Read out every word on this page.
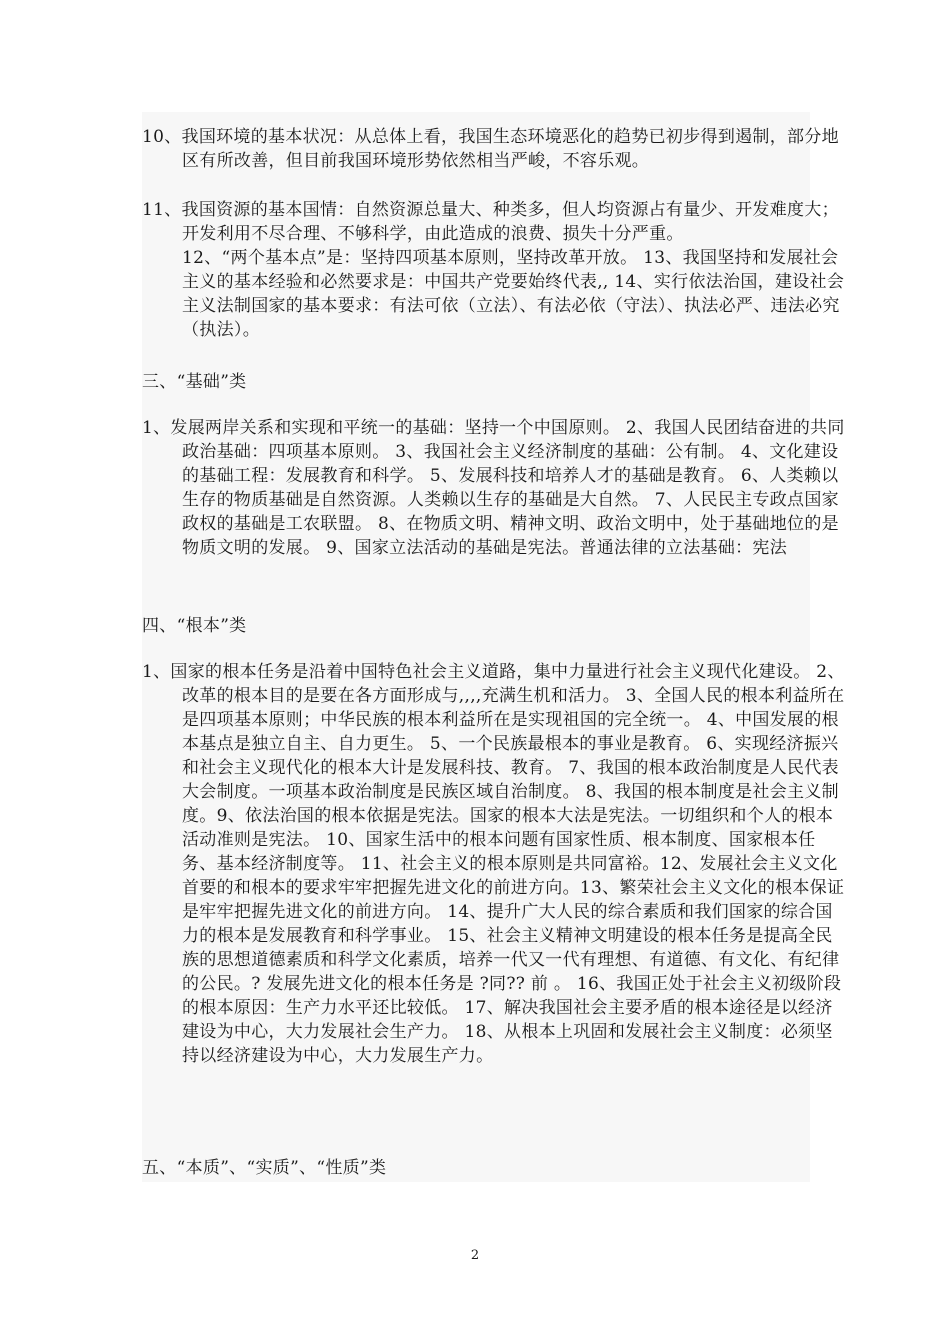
10、我国环境的基本状况：从总体上看，我国生态环境恶化的趋势已初步得到遏制，部分地区有所改善，但目前我国环境形势依然相当严峻，不容乐观。
11、我国资源的基本国情：自然资源总量大、种类多，但人均资源占有量少、开发难度大；开发利用不尽合理、不够科学，由此造成的浪费、损失十分严重。
12、“两个基本点”是：坚持四项基本原则，坚持改革开放。 13、我国坚持和发展社会主义的基本经验和必然要求是：中国共产党要始终代表,, 14、实行依法治国，建设社会主义法制国家的基本要求：有法可依（立法）、有法必依（守法）、执法必严、违法必究（执法）。
三、“基础”类
1、发展两岸关系和实现和平统一的基础：坚持一个中国原则。 2、我国人民团结奋进的共同政治基础：四项基本原则。 3、我国社会主义经济制度的基础：公有制。 4、文化建设的基础工程：发展教育和科学。 5、发展科技和培养人才的基础是教育。 6、人类赖以生存的物质基础是自然资源。人类赖以生存的基础是大自然。 7、人民民主专政点国家政权的基础是工农联盟。 8、在物质文明、精神文明、政治文明中，处于基础地位的是物质文明的发展。 9、国家立法活动的基础是宪法。普通法律的立法基础：宪法
四、“根本”类
1、国家的根本任务是沿着中国特色社会主义道路，集中力量进行社会主义现代化建设。 2、改革的根本目的是要在各方面形成与,,,,充满生机和活力。 3、全国人民的根本利益所在是四项基本原则；中华民族的根本利益所在是实现祖国的完全统一。 4、中国发展的根本基点是独立自主、自力更生。 5、一个民族最根本的事业是教育。 6、实现经济振兴和社会主义现代化的根本大计是发展科技、教育。 7、我国的根本政治制度是人民代表大会制度。一项基本政治制度是民族区域自治制度。 8、我国的根本制度是社会主义制度。9、依法治国的根本依据是宪法。国家的根本大法是宪法。一切组织和个人的根本活动准则是宪法。 10、国家生活中的根本问题有国家性质、根本制度、国家根本任务、基本经济制度等。 11、社会主义的根本原则是共同富裕。12、发展社会主义文化首要的和根本的要求牢牢把握先进文化的前进方向。13、繁荣社会主义文化的根本保证是牢牢把握先进文化的前进方向。 14、提升广大人民的综合素质和我们国家的综合国力的根本是发展教育和科学事业。 15、社会主义精神文明建设的根本任务是提高全民族的思想道德素质和科学文化素质，培养一代又一代有理想、有道德、有文化、有纪律的公民。? 发展先进文化的根本任务是 ?同?? 前 。 16、我国正处于社会主义初级阶段的根本原因：生产力水平还比较低。 17、解决我国社会主要矛盾的根本途径是以经济建设为中心，大力发展社会生产力。 18、从根本上巩固和发展社会主义制度：必须坚持以经济建设为中心，大力发展生产力。
五、“本质”、“实质”、“性质”类
2
